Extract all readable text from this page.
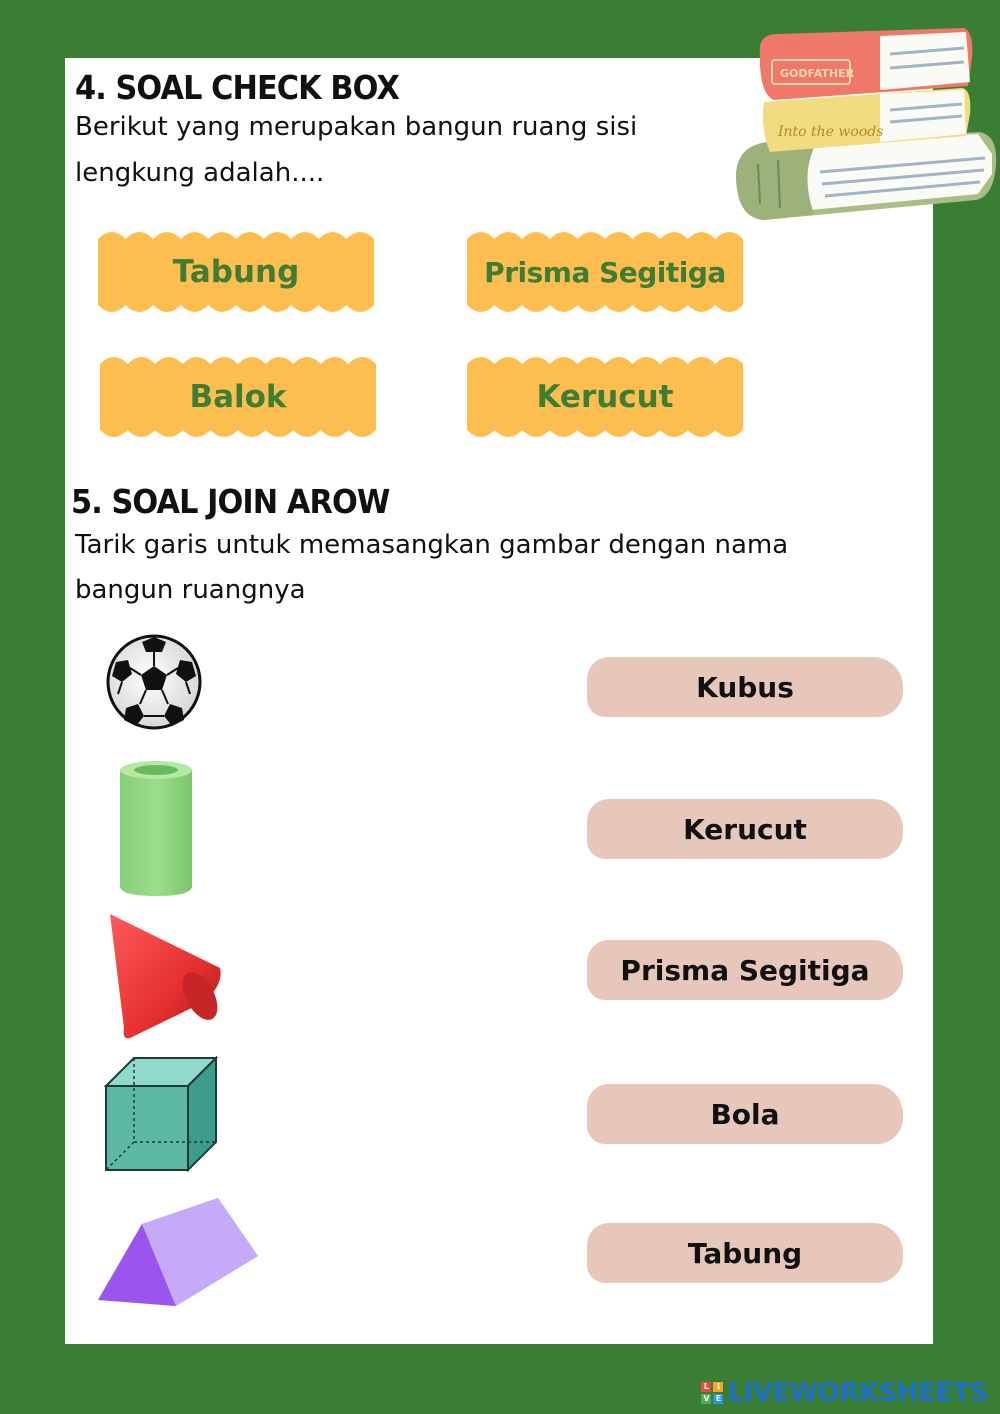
Into the woods
GODFATHER
4. SOAL CHECK BOX
Berikut yang merupakan bangun ruang sisi
lengkung adalah....
Tabung	Prisma Segitiga
Balok	Kerucut
5. SOAL JOIN AROW
Tarik garis untuk memasangkan gambar dengan nama
bangun ruangnya
Kubus
Kerucut
Prisma Segitiga
Bola
Tabung
L I
V E LIVEWORKSHEETS
